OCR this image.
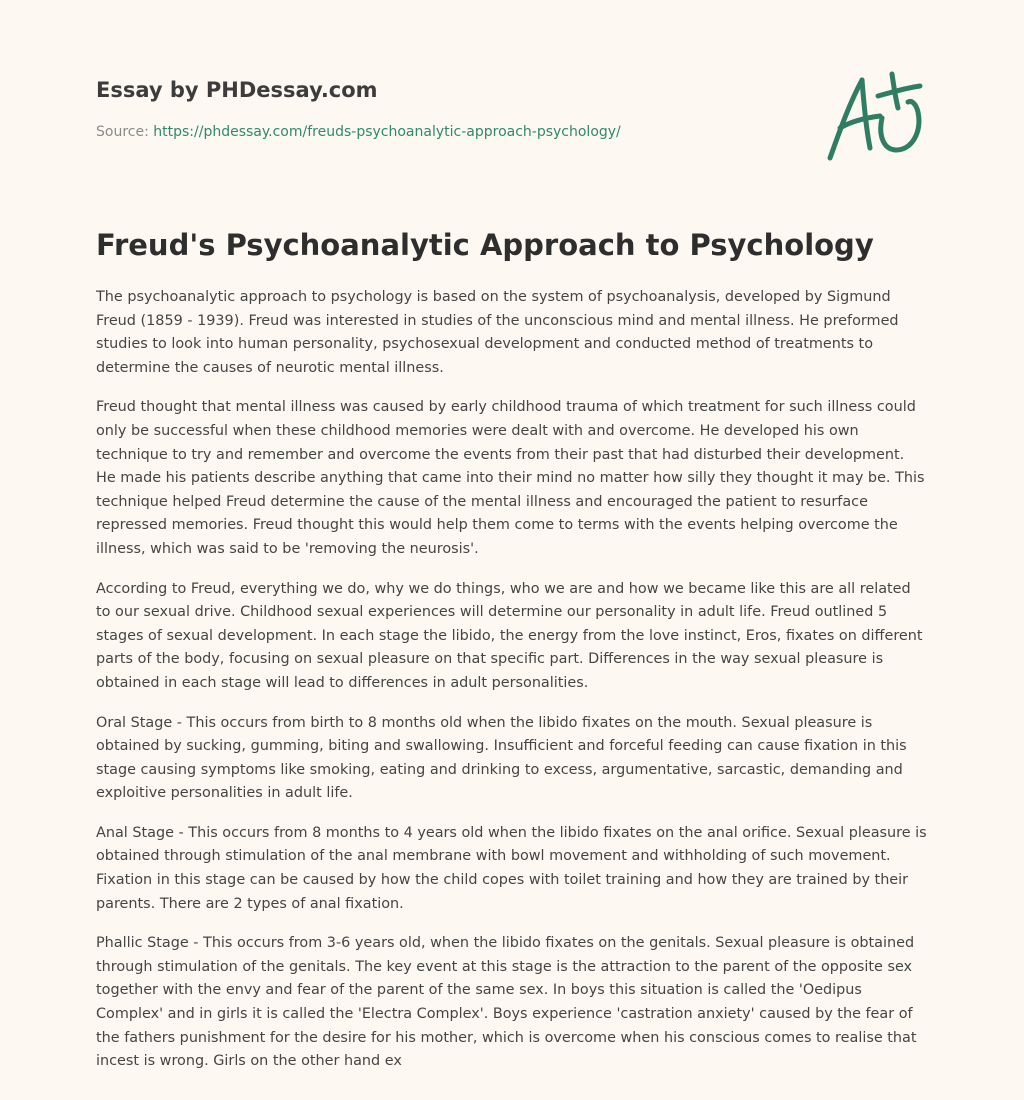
Essay by PHDessay.com
Source: https://phdessay.com/freuds-psychoanalytic-approach-psychology/
Freud's Psychoanalytic Approach to Psychology

The psychoanalytic approach to psychology is based on the system of psychoanalysis, developed by Sigmund Freud (1859 - 1939). Freud was interested in studies of the unconscious mind and mental illness. He preformed studies to look into human personality, psychosexual development and conducted method of treatments to determine the causes of neurotic mental illness.

Freud thought that mental illness was caused by early childhood trauma of which treatment for such illness could only be successful when these childhood memories were dealt with and overcome. He developed his own technique to try and remember and overcome the events from their past that had disturbed their development. He made his patients describe anything that came into their mind no matter how silly they thought it may be. This technique helped Freud determine the cause of the mental illness and encouraged the patient to resurface repressed memories. Freud thought this would help them come to terms with the events helping overcome the illness, which was said to be 'removing the neurosis'.

According to Freud, everything we do, why we do things, who we are and how we became like this are all related to our sexual drive. Childhood sexual experiences will determine our personality in adult life. Freud outlined 5 stages of sexual development. In each stage the libido, the energy from the love instinct, Eros, fixates on different parts of the body, focusing on sexual pleasure on that specific part. Differences in the way sexual pleasure is obtained in each stage will lead to differences in adult personalities.

Oral Stage - This occurs from birth to 8 months old when the libido fixates on the mouth. Sexual pleasure is obtained by sucking, gumming, biting and swallowing. Insufficient and forceful feeding can cause fixation in this stage causing symptoms like smoking, eating and drinking to excess, argumentative, sarcastic, demanding and exploitive personalities in adult life.

Anal Stage - This occurs from 8 months to 4 years old when the libido fixates on the anal orifice. Sexual pleasure is obtained through stimulation of the anal membrane with bowl movement and withholding of such movement. Fixation in this stage can be caused by how the child copes with toilet training and how they are trained by their parents. There are 2 types of anal fixation.

Phallic Stage - This occurs from 3-6 years old, when the libido fixates on the genitals. Sexual pleasure is obtained through stimulation of the genitals. The key event at this stage is the attraction to the parent of the opposite sex together with the envy and fear of the parent of the same sex. In boys this situation is called the 'Oedipus Complex' and in girls it is called the 'Electra Complex'. Boys experience 'castration anxiety' caused by the fear of the fathers punishment for the desire for his mother, which is overcome when his conscious comes to realise that incest is wrong. Girls on the other hand ex
